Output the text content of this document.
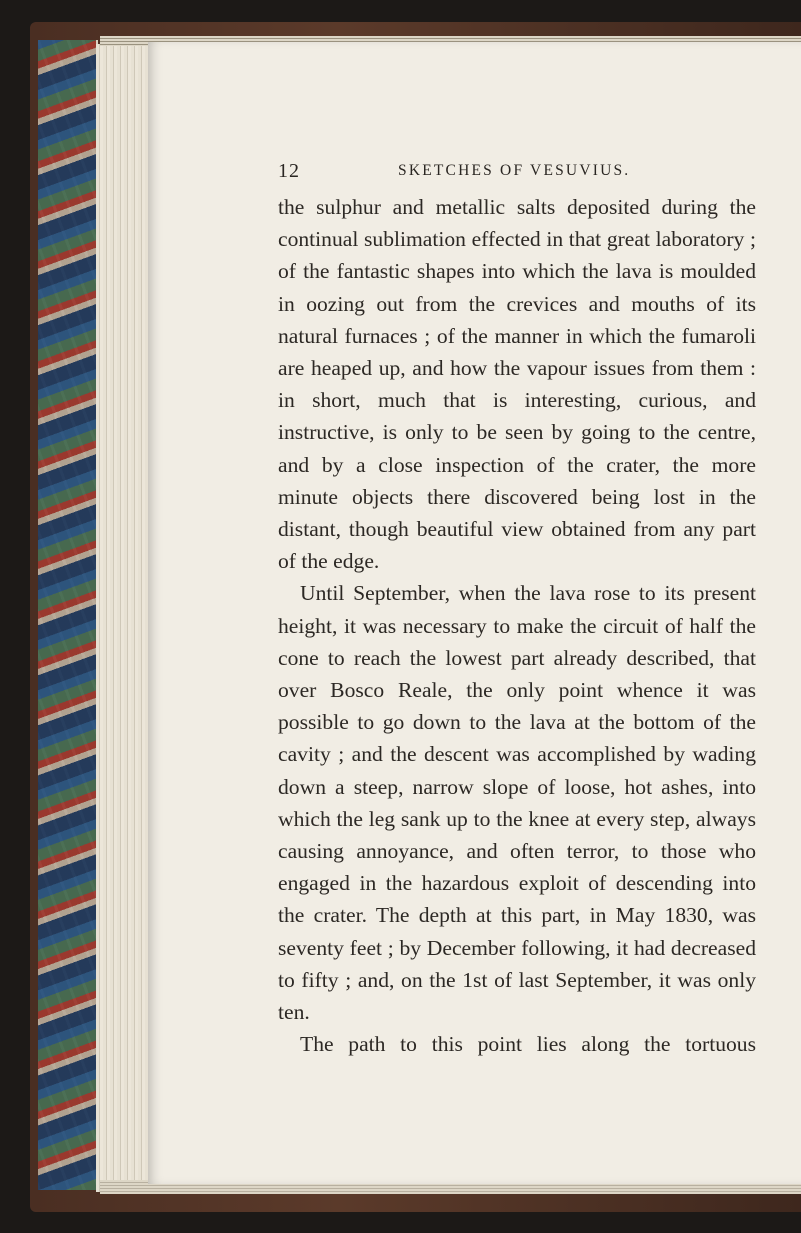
12	SKETCHES OF VESUVIUS.

the sulphur and metallic salts deposited during the continual sublimation effected in that great laboratory ; of the fantastic shapes into which the lava is moulded in oozing out from the crevices and mouths of its natural furnaces ; of the manner in which the fumaroli are heaped up, and how the vapour issues from them : in short, much that is interesting, curious, and instructive, is only to be seen by going to the centre, and by a close inspection of the crater, the more minute objects there discovered being lost in the distant, though beautiful view obtained from any part of the edge.

Until September, when the lava rose to its present height, it was necessary to make the circuit of half the cone to reach the lowest part already described, that over Bosco Reale, the only point whence it was possible to go down to the lava at the bottom of the cavity ; and the descent was accomplished by wading down a steep, narrow slope of loose, hot ashes, into which the leg sank up to the knee at every step, always causing annoyance, and often terror, to those who engaged in the hazardous exploit of descending into the crater. The depth at this part, in May 1830, was seventy feet ; by December following, it had decreased to fifty ; and, on the 1st of last September, it was only ten.

The path to this point lies along the tortuous
